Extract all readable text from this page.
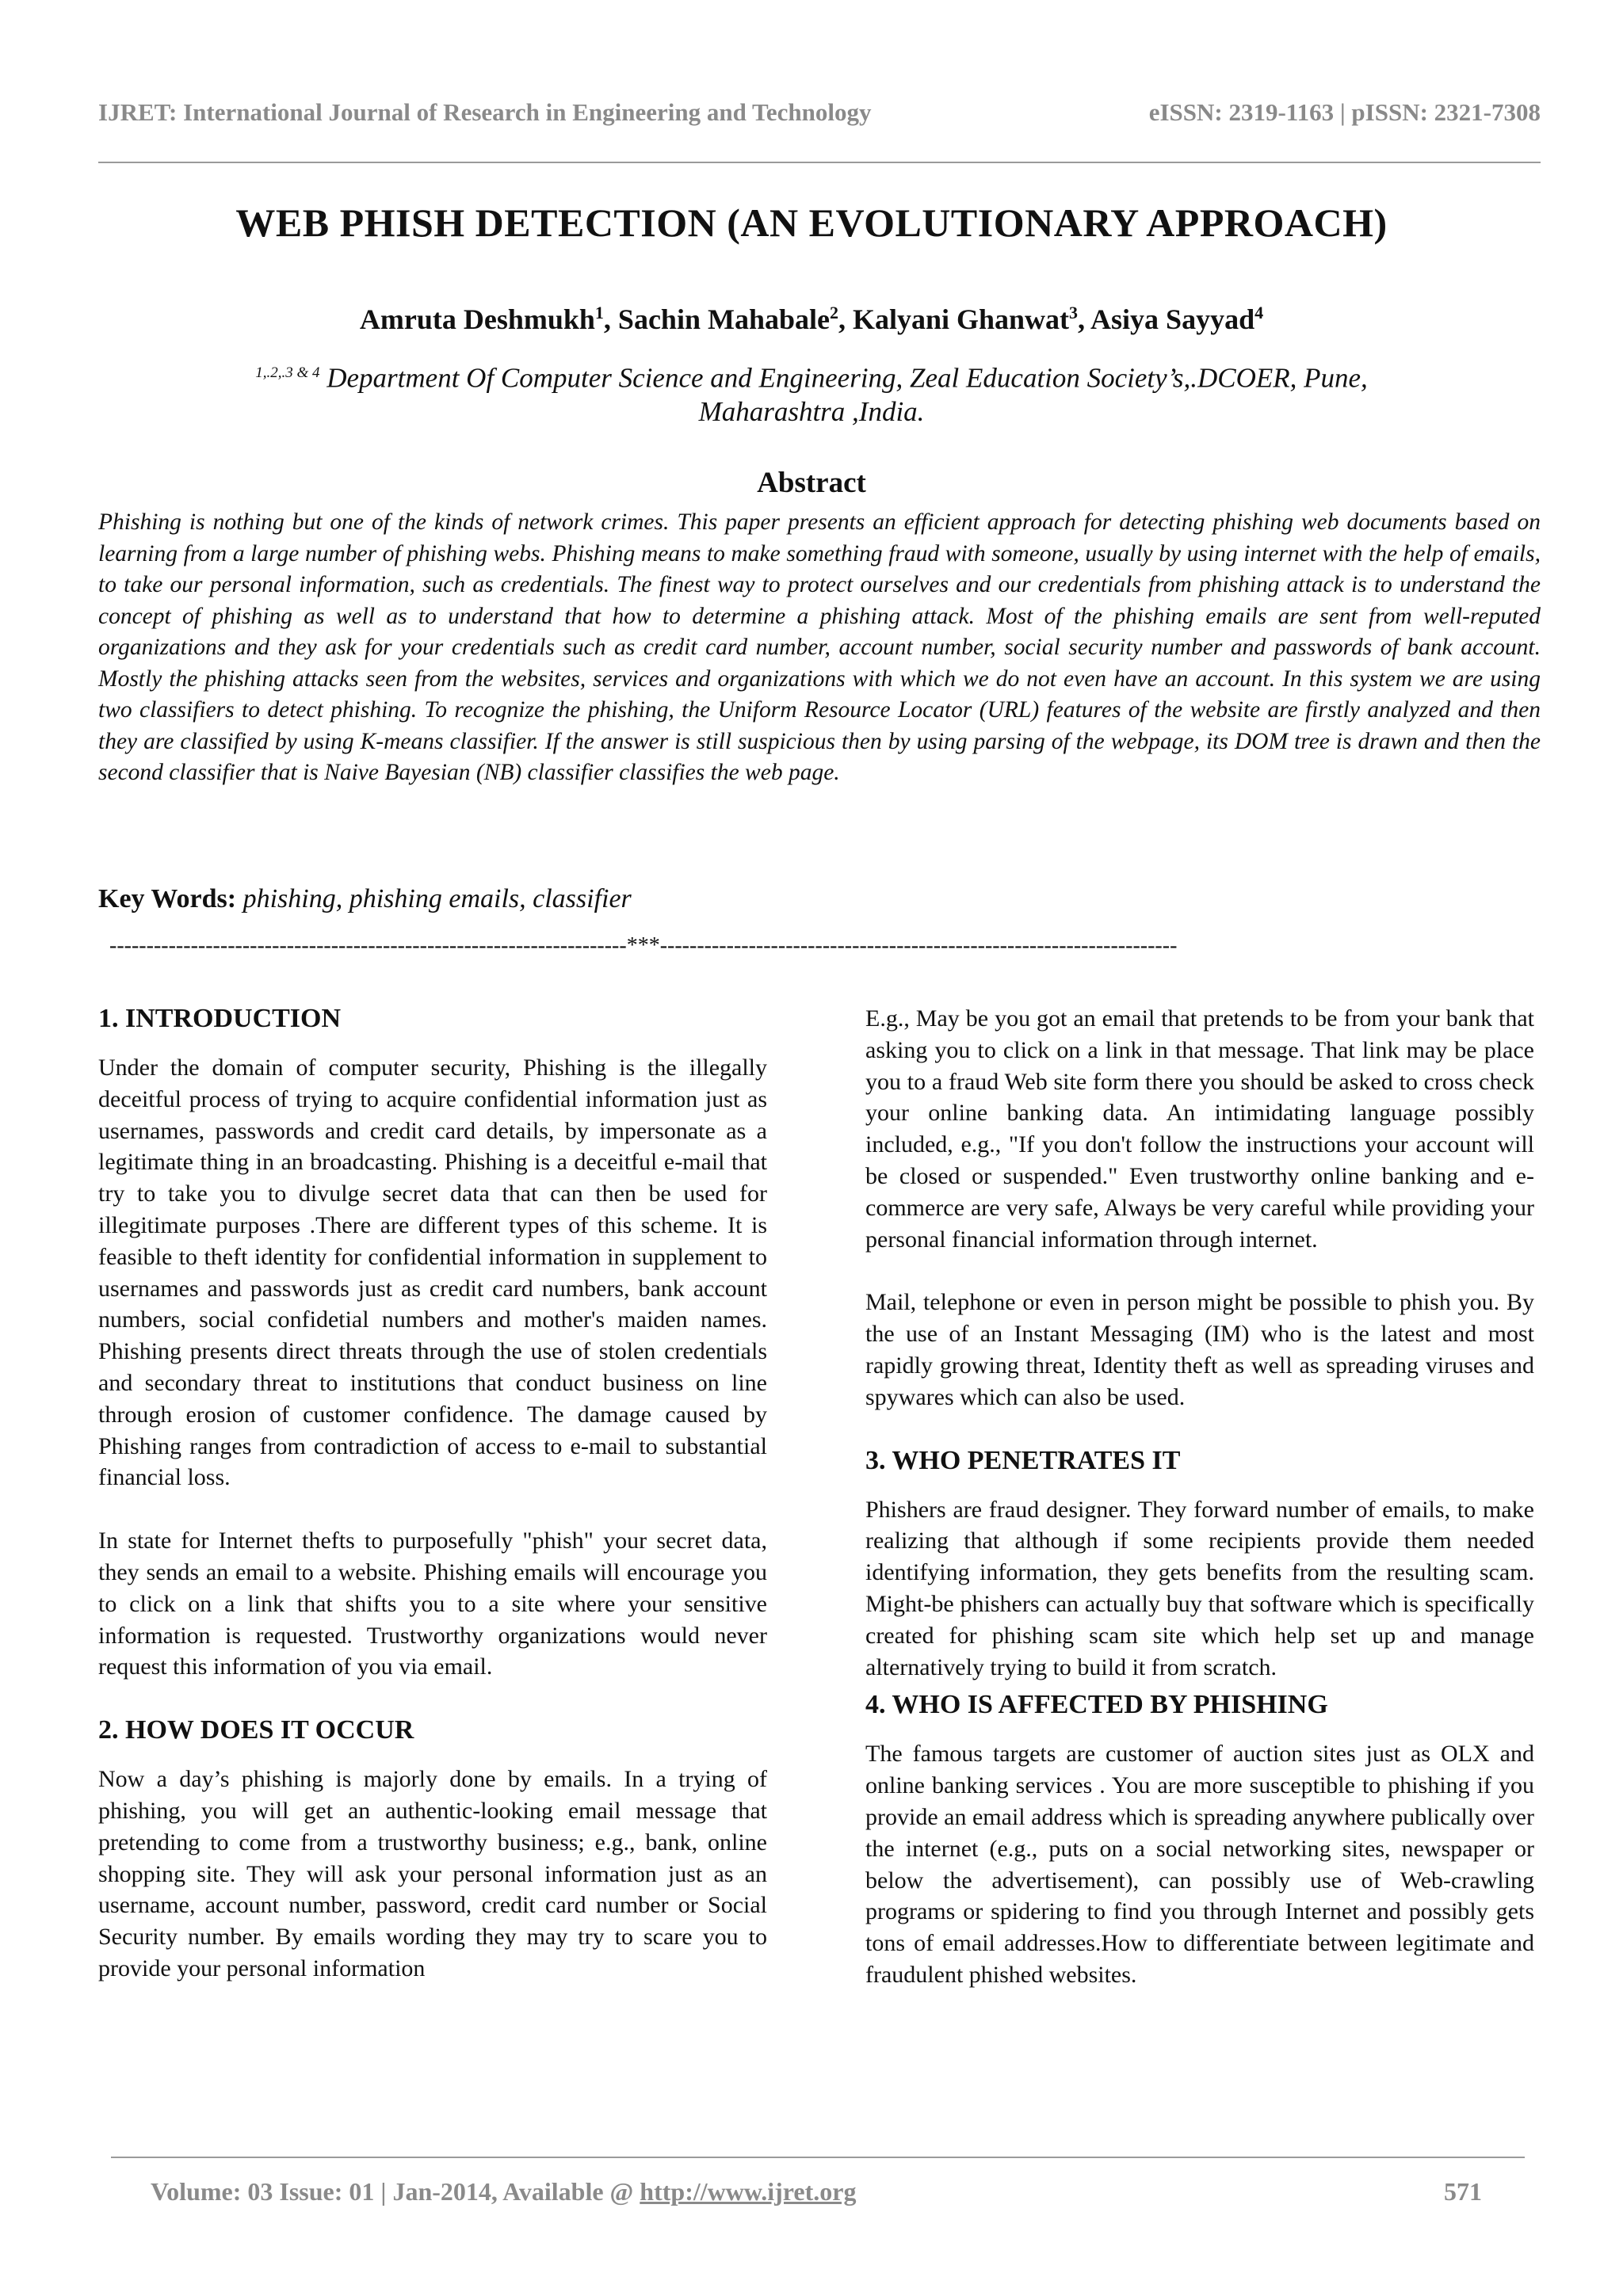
IJRET: International Journal of Research in Engineering and Technology	eISSN: 2319-1163 | pISSN: 2321-7308
WEB PHISH DETECTION (AN EVOLUTIONARY APPROACH)
Amruta Deshmukh$^1$, Sachin Mahabale$^2$, Kalyani Ghanwat$^3$, Asiya Sayyad$^4$
$^{1,.2,.3 \& 4}$ Department Of Computer Science and Engineering, Zeal Education Society’s,.DCOER, Pune, Maharashtra ,India.
Abstract
Phishing is nothing but one of the kinds of network crimes. This paper presents an efficient approach for detecting phishing web documents based on learning from a large number of phishing webs. Phishing means to make something fraud with someone, usually by using internet with the help of emails, to take our personal information, such as credentials. The finest way to protect ourselves and our credentials from phishing attack is to understand the concept of phishing as well as to understand that how to determine a phishing attack. Most of the phishing emails are sent from well-reputed organizations and they ask for your credentials such as credit card number, account number, social security number and passwords of bank account. Mostly the phishing attacks seen from the websites, services and organizations with which we do not even have an account. In this system we are using two classifiers to detect phishing. To recognize the phishing, the Uniform Resource Locator (URL) features of the website are firstly analyzed and then they are classified by using K-means classifier. If the answer is still suspicious then by using parsing of the webpage, its DOM tree is drawn and then the second classifier that is Naive Bayesian (NB) classifier classifies the web page.
Key Words: phishing, phishing emails, classifier
----------------------------------------------------------------------***----------------------------------------------------------------------
1. INTRODUCTION

Under the domain of computer security, Phishing is the illegally deceitful process of trying to acquire confidential information just as usernames, passwords and credit card details, by impersonate as a legitimate thing in an broadcasting. Phishing is a deceitful e-mail that try to take you to divulge secret data that can then be used for illegitimate purposes .There are different types of this scheme. It is feasible to theft identity for confidential information in supplement to usernames and passwords just as credit card numbers, bank account numbers, social confidetial numbers and mother's maiden names. Phishing presents direct threats through the use of stolen credentials and secondary threat to institutions that conduct business on line through erosion of customer confidence. The damage caused by Phishing ranges from contradiction of access to e-mail to substantial financial loss.

In state for Internet thefts to purposefully "phish" your secret data, they sends an email to a website. Phishing emails will encourage you to click on a link that shifts you to a site where your sensitive information is requested. Trustworthy organizations would never request this information of you via email.

2. HOW DOES IT OCCUR

Now a day’s phishing is majorly done by emails. In a trying of phishing, you will get an authentic-looking email message that pretending to come from a trustworthy business; e.g., bank, online shopping site. They will ask your personal information just as an username, account number, password, credit card number or Social Security number. By emails wording they may try to scare you to provide your personal information

E.g., May be you got an email that pretends to be from your bank that asking you to click on a link in that message. That link may be place you to a fraud Web site form there you should be asked to cross check your online banking data. An intimidating language possibly included, e.g., "If you don't follow the instructions your account will be closed or suspended." Even trustworthy online banking and e-commerce are very safe, Always be very careful while providing your personal financial information through internet.

Mail, telephone or even in person might be possible to phish you. By the use of an Instant Messaging (IM) who is the latest and most rapidly growing threat, Identity theft as well as spreading viruses and spywares which can also be used.

3. WHO PENETRATES IT

Phishers are fraud designer. They forward number of emails, to make realizing that although if some recipients provide them needed identifying information, they gets benefits from the resulting scam. Might-be phishers can actually buy that software which is specifically created for phishing scam site which help set up and manage alternatively trying to build it from scratch.

4. WHO IS AFFECTED BY PHISHING

The famous targets are customer of auction sites just as OLX and online banking services . You are more susceptible to phishing if you provide an email address which is spreading anywhere publically over the internet (e.g., puts on a social networking sites, newspaper or below the advertisement), can possibly use of Web-crawling programs or spidering to find you through Internet and possibly gets tons of email addresses.How to differentiate between legitimate and fraudulent phished websites.

Volume: 03 Issue: 01 | Jan-2014, Available @ http://www.ijret.org	571
